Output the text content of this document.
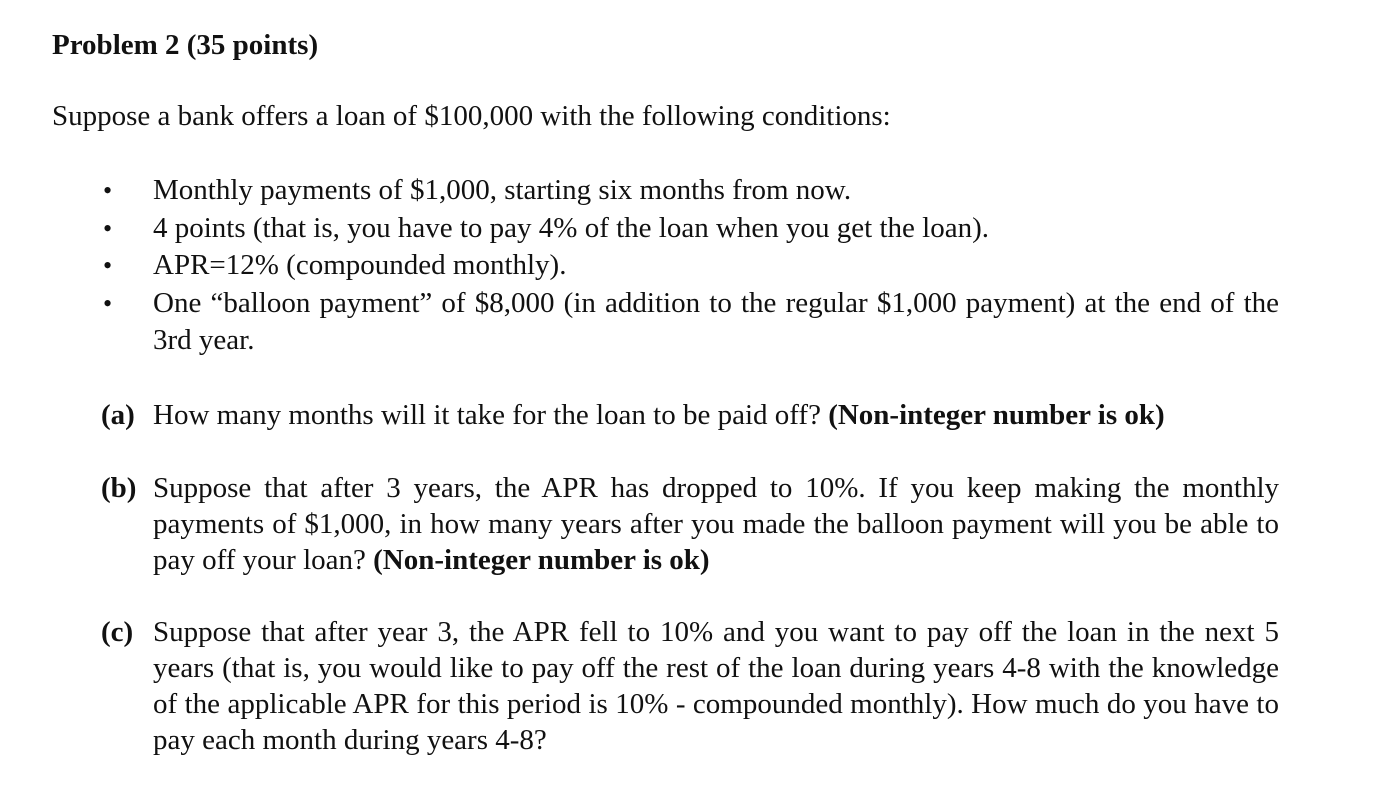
Problem 2 (35 points)
Suppose a bank offers a loan of $100,000 with the following conditions:
• Monthly payments of $1,000, starting six months from now.
• 4 points (that is, you have to pay 4% of the loan when you get the loan).
• APR=12% (compounded monthly).
• One “balloon payment” of $8,000 (in addition to the regular $1,000 payment) at the end of the 3rd year.
(a) How many months will it take for the loan to be paid off? (Non-integer number is ok)
(b) Suppose that after 3 years, the APR has dropped to 10%. If you keep making the monthly payments of $1,000, in how many years after you made the balloon payment will you be able to pay off your loan? (Non-integer number is ok)
(c) Suppose that after year 3, the APR fell to 10% and you want to pay off the loan in the next 5 years (that is, you would like to pay off the rest of the loan during years 4-8 with the knowledge of the applicable APR for this period is 10% - compounded monthly). How much do you have to pay each month during years 4-8?
